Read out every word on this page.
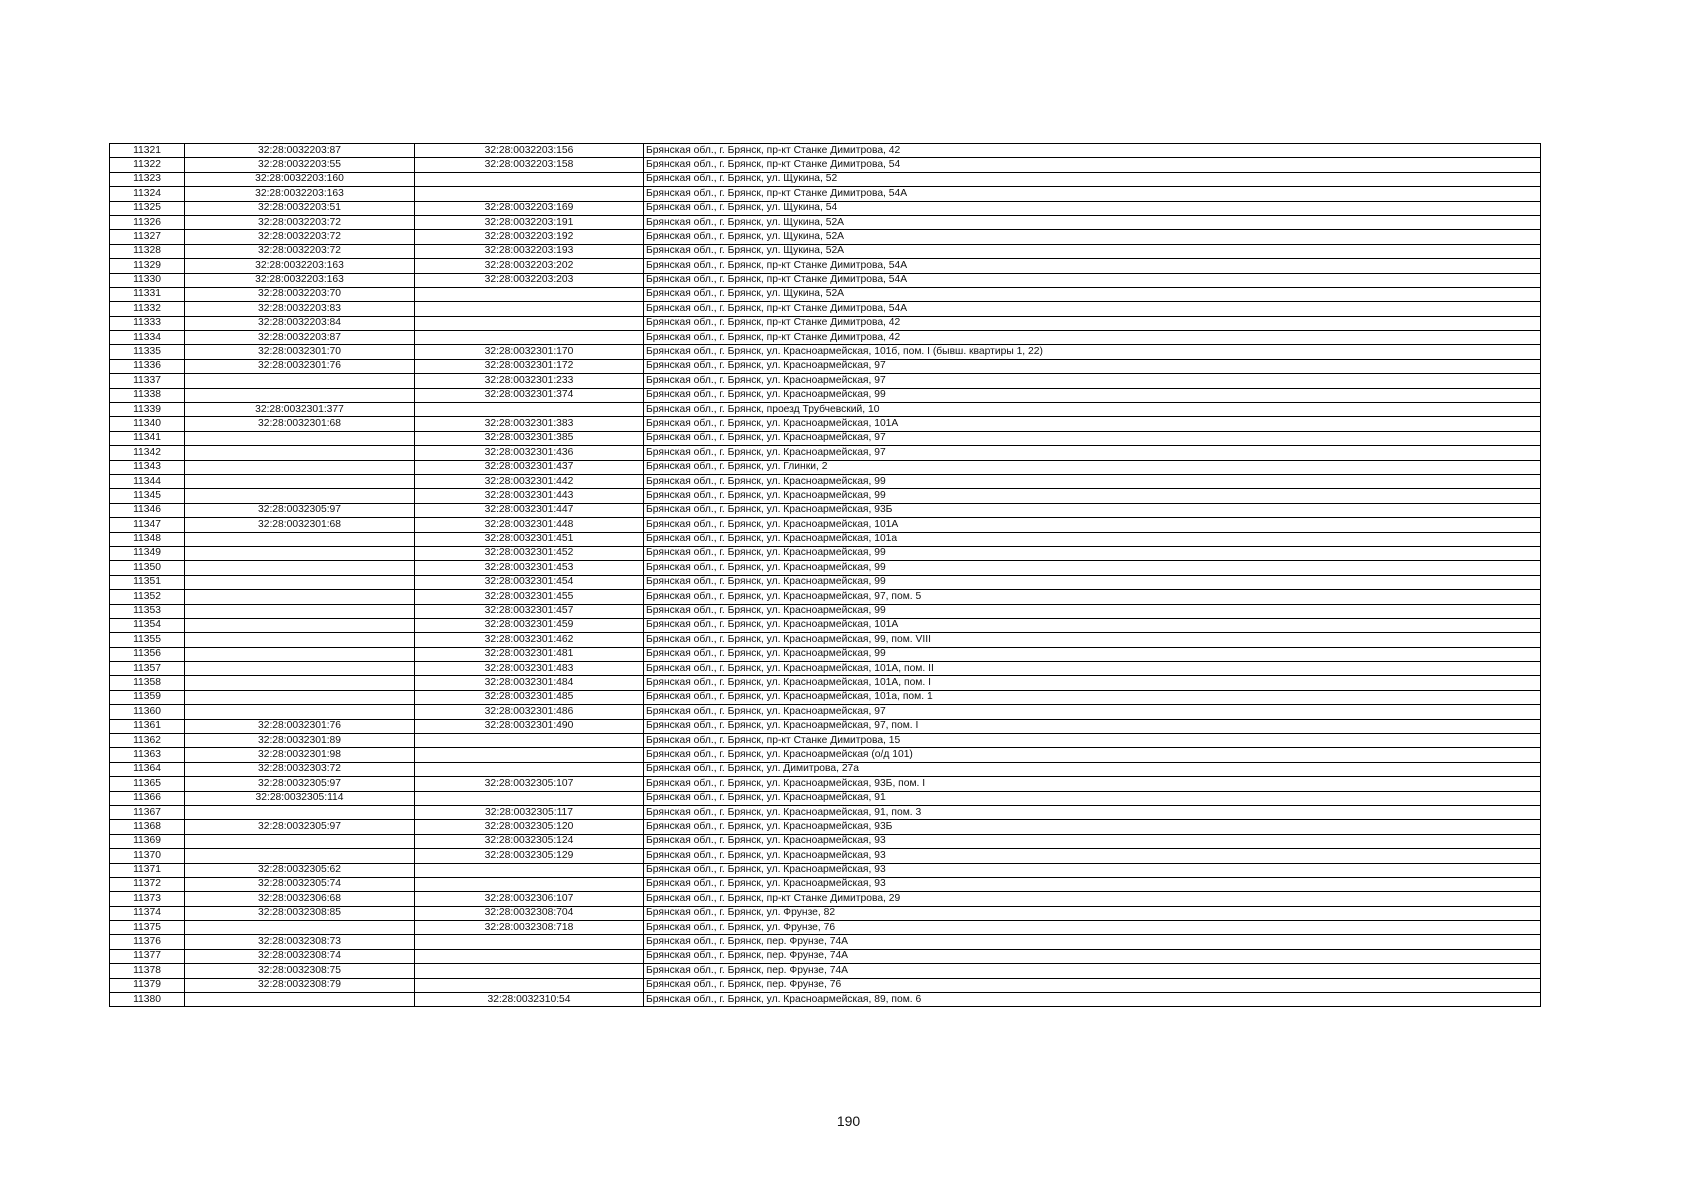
11321	32:28:0032203:87	32:28:0032203:156	Брянская обл., г. Брянск, пр-кт Станке Димитрова, 42
11322	32:28:0032203:55	32:28:0032203:158	Брянская обл., г. Брянск, пр-кт Станке Димитрова, 54
11323	32:28:0032203:160		Брянская обл., г. Брянск, ул. Щукина, 52
11324	32:28:0032203:163		Брянская обл., г. Брянск, пр-кт Станке Димитрова, 54А
11325	32:28:0032203:51	32:28:0032203:169	Брянская обл., г. Брянск, ул. Щукина, 54
11326	32:28:0032203:72	32:28:0032203:191	Брянская обл., г. Брянск, ул. Щукина, 52А
11327	32:28:0032203:72	32:28:0032203:192	Брянская обл., г. Брянск, ул. Щукина, 52А
11328	32:28:0032203:72	32:28:0032203:193	Брянская обл., г. Брянск, ул. Щукина, 52А
11329	32:28:0032203:163	32:28:0032203:202	Брянская обл., г. Брянск, пр-кт Станке Димитрова, 54А
11330	32:28:0032203:163	32:28:0032203:203	Брянская обл., г. Брянск, пр-кт Станке Димитрова, 54А
11331	32:28:0032203:70		Брянская обл., г. Брянск, ул. Щукина, 52А
11332	32:28:0032203:83		Брянская обл., г. Брянск, пр-кт Станке Димитрова, 54А
11333	32:28:0032203:84		Брянская обл., г. Брянск, пр-кт Станке Димитрова, 42
11334	32:28:0032203:87		Брянская обл., г. Брянск, пр-кт Станке Димитрова, 42
11335	32:28:0032301:70	32:28:0032301:170	Брянская обл., г. Брянск, ул. Красноармейская, 101б, пом. I (бывш. квартиры 1, 22)
11336	32:28:0032301:76	32:28:0032301:172	Брянская обл., г. Брянск, ул. Красноармейская, 97
11337		32:28:0032301:233	Брянская обл., г. Брянск, ул. Красноармейская, 97
11338		32:28:0032301:374	Брянская обл., г. Брянск, ул. Красноармейская, 99
11339	32:28:0032301:377		Брянская обл., г. Брянск, проезд Трубчевский, 10
11340	32:28:0032301:68	32:28:0032301:383	Брянская обл., г. Брянск, ул. Красноармейская, 101А
11341		32:28:0032301:385	Брянская обл., г. Брянск, ул. Красноармейская, 97
11342		32:28:0032301:436	Брянская обл., г. Брянск, ул. Красноармейская, 97
11343		32:28:0032301:437	Брянская обл., г. Брянск, ул. Глинки, 2
11344		32:28:0032301:442	Брянская обл., г. Брянск, ул. Красноармейская, 99
11345		32:28:0032301:443	Брянская обл., г. Брянск, ул. Красноармейская, 99
11346	32:28:0032305:97	32:28:0032301:447	Брянская обл., г. Брянск, ул. Красноармейская, 93Б
11347	32:28:0032301:68	32:28:0032301:448	Брянская обл., г. Брянск, ул. Красноармейская, 101А
11348		32:28:0032301:451	Брянская обл., г. Брянск, ул. Красноармейская, 101а
11349		32:28:0032301:452	Брянская обл., г. Брянск, ул. Красноармейская, 99
11350		32:28:0032301:453	Брянская обл., г. Брянск, ул. Красноармейская, 99
11351		32:28:0032301:454	Брянская обл., г. Брянск, ул. Красноармейская, 99
11352		32:28:0032301:455	Брянская обл., г. Брянск, ул. Красноармейская, 97, пом. 5
11353		32:28:0032301:457	Брянская обл., г. Брянск, ул. Красноармейская, 99
11354		32:28:0032301:459	Брянская обл., г. Брянск, ул. Красноармейская, 101А
11355		32:28:0032301:462	Брянская обл., г. Брянск, ул. Красноармейская, 99, пом. VIII
11356		32:28:0032301:481	Брянская обл., г. Брянск, ул. Красноармейская, 99
11357		32:28:0032301:483	Брянская обл., г. Брянск, ул. Красноармейская, 101А, пом. II
11358		32:28:0032301:484	Брянская обл., г. Брянск, ул. Красноармейская, 101А, пом. I
11359		32:28:0032301:485	Брянская обл., г. Брянск, ул. Красноармейская, 101а, пом. 1
11360		32:28:0032301:486	Брянская обл., г. Брянск, ул. Красноармейская, 97
11361	32:28:0032301:76	32:28:0032301:490	Брянская обл., г. Брянск, ул. Красноармейская, 97, пом. I
11362	32:28:0032301:89		Брянская обл., г. Брянск, пр-кт Станке Димитрова, 15
11363	32:28:0032301:98		Брянская обл., г. Брянск, ул. Красноармейская (о/д 101)
11364	32:28:0032303:72		Брянская обл., г. Брянск, ул. Димитрова, 27а
11365	32:28:0032305:97	32:28:0032305:107	Брянская обл., г. Брянск, ул. Красноармейская, 93Б, пом. I
11366	32:28:0032305:114		Брянская обл., г. Брянск, ул. Красноармейская, 91
11367		32:28:0032305:117	Брянская обл., г. Брянск, ул. Красноармейская, 91, пом. 3
11368	32:28:0032305:97	32:28:0032305:120	Брянская обл., г. Брянск, ул. Красноармейская, 93Б
11369		32:28:0032305:124	Брянская обл., г. Брянск, ул. Красноармейская, 93
11370		32:28:0032305:129	Брянская обл., г. Брянск, ул. Красноармейская, 93
11371	32:28:0032305:62		Брянская обл., г. Брянск, ул. Красноармейская, 93
11372	32:28:0032305:74		Брянская обл., г. Брянск, ул. Красноармейская, 93
11373	32:28:0032306:68	32:28:0032306:107	Брянская обл., г. Брянск, пр-кт Станке Димитрова, 29
11374	32:28:0032308:85	32:28:0032308:704	Брянская обл., г. Брянск, ул. Фрунзе, 82
11375		32:28:0032308:718	Брянская обл., г. Брянск, ул. Фрунзе, 76
11376	32:28:0032308:73		Брянская обл., г. Брянск, пер. Фрунзе, 74А
11377	32:28:0032308:74		Брянская обл., г. Брянск, пер. Фрунзе, 74А
11378	32:28:0032308:75		Брянская обл., г. Брянск, пер. Фрунзе, 74А
11379	32:28:0032308:79		Брянская обл., г. Брянск, пер. Фрунзе, 76
11380		32:28:0032310:54	Брянская обл., г. Брянск, ул. Красноармейская, 89, пом. 6
190
